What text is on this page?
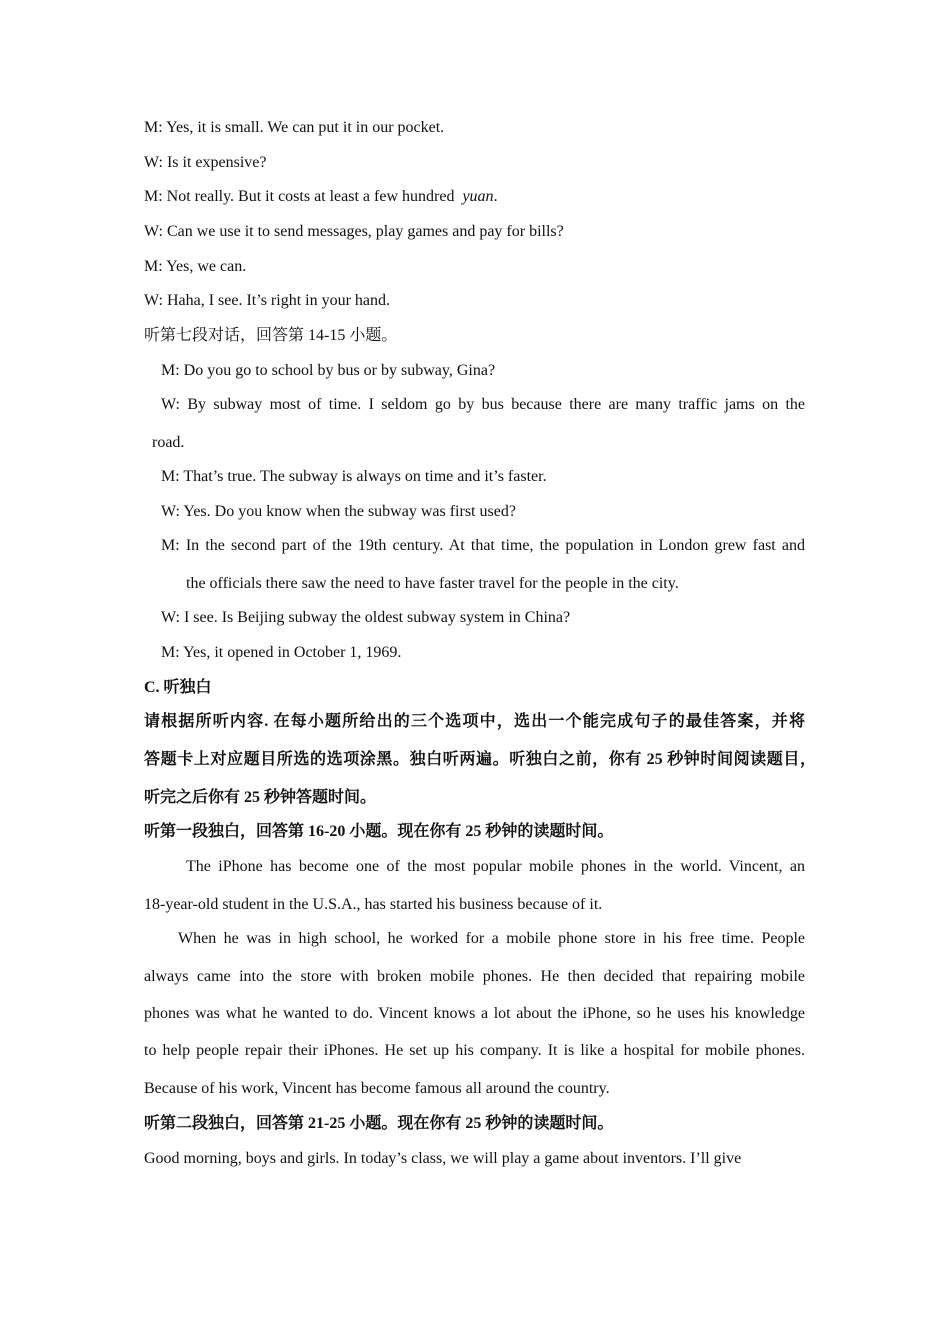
M: Yes, it is small. We can put it in our pocket.
W: Is it expensive?
M: Not really. But it costs at least a few hundred yuan.
W: Can we use it to send messages, play games and pay for bills?
M: Yes, we can.
W: Haha, I see. It’s right in your hand.
听第七段对话，回答第 14-15 小题。
M: Do you go to school by bus or by subway, Gina?
W: By subway most of time. I seldom go by bus because there are many traffic jams on the
road.
M: That’s true. The subway is always on time and it’s faster.
W: Yes. Do you know when the subway was first used?
M: In the second part of the 19th century. At that time, the population in London grew fast and
the officials there saw the need to have faster travel for the people in the city.
W: I see. Is Beijing subway the oldest subway system in China?
M: Yes, it opened in October 1, 1969.
C. 听独白
请根据所听内容. 在每小题所给出的三个选项中，选出一个能完成句子的最佳答案，并将
答题卡上对应题目所选的选项涂黑。独白听两遍。听独白之前，你有 25 秒钟时间阅读题目，
听完之后你有 25 秒钟答题时间。
听第一段独白，回答第 16-20 小题。现在你有 25 秒钟的读题时间。
The iPhone has become one of the most popular mobile phones in the world. Vincent, an
18-year-old student in the U.S.A., has started his business because of it.
When he was in high school, he worked for a mobile phone store in his free time. People
always came into the store with broken mobile phones. He then decided that repairing mobile
phones was what he wanted to do. Vincent knows a lot about the iPhone, so he uses his knowledge
to help people repair their iPhones. He set up his company. It is like a hospital for mobile phones.
Because of his work, Vincent has become famous all around the country.
听第二段独白，回答第 21-25 小题。现在你有 25 秒钟的读题时间。
Good morning, boys and girls. In today’s class, we will play a game about inventors. I’ll give
